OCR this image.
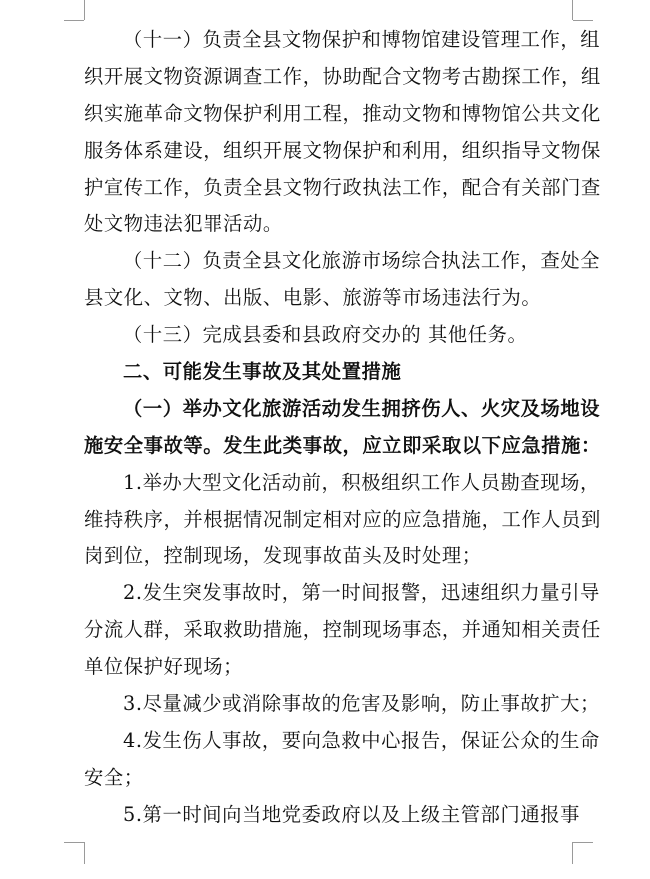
（十一）负责全县文物保护和博物馆建设管理工作，组
织开展文物资源调查工作，协助配合文物考古勘探工作，组
织实施革命文物保护利用工程，推动文物和博物馆公共文化
服务体系建设，组织开展文物保护和利用，组织指导文物保
护宣传工作，负责全县文物行政执法工作，配合有关部门查
处文物违法犯罪活动。
（十二）负责全县文化旅游市场综合执法工作，查处全
县文化、文物、出版、电影、旅游等市场违法行为。
（十三）完成县委和县政府交办的 其他任务。
二、可能发生事故及其处置措施
（一）举办文化旅游活动发生拥挤伤人、火灾及场地设
施安全事故等。发生此类事故，应立即采取以下应急措施：
1.举办大型文化活动前，积极组织工作人员勘查现场，
维持秩序，并根据情况制定相对应的应急措施，工作人员到
岗到位，控制现场，发现事故苗头及时处理；
2.发生突发事故时，第一时间报警，迅速组织力量引导
分流人群，采取救助措施，控制现场事态，并通知相关责任
单位保护好现场；
3.尽量减少或消除事故的危害及影响，防止事故扩大；
4.发生伤人事故，要向急救中心报告，保证公众的生命
安全；
5.第一时间向当地党委政府以及上级主管部门通报事
